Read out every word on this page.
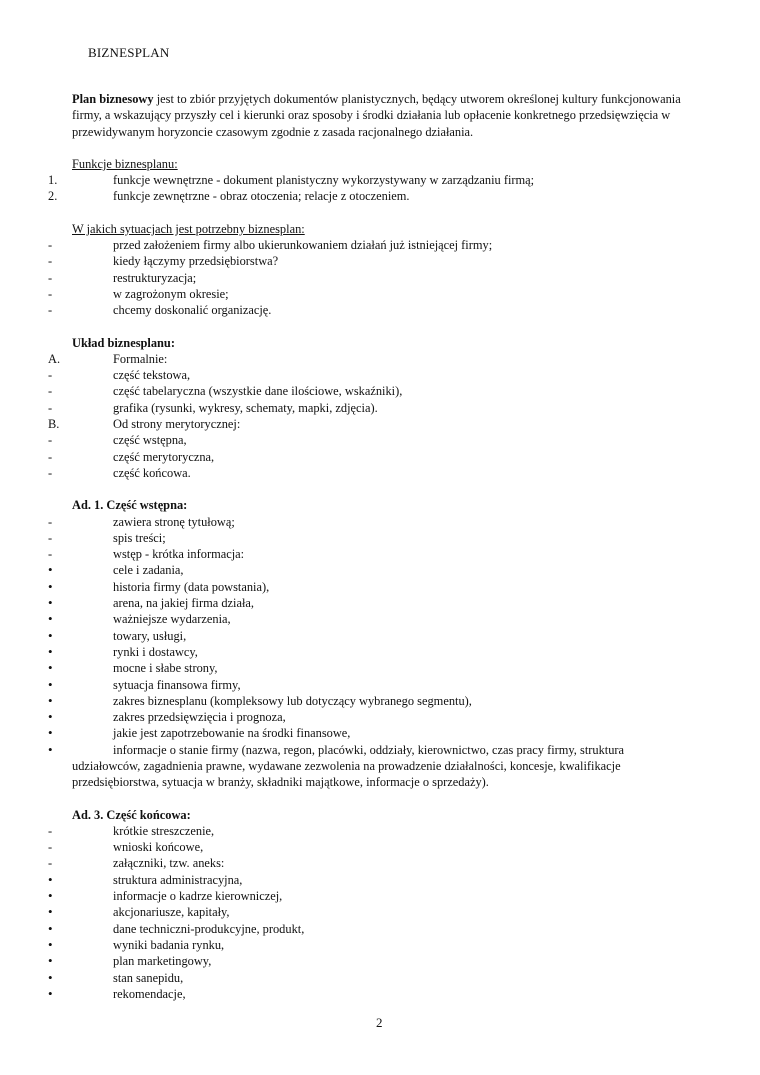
BIZNESPLAN
Plan biznesowy jest to zbiór przyjętych dokumentów planistycznych, będący utworem określonej kultury funkcjonowania firmy, a wskazujący przyszły cel i kierunki oraz sposoby i środki działania lub opłacenie konkretnego przedsięwzięcia w przewidywanym horyzoncie czasowym zgodnie z zasada racjonalnego działania.
Funkcje biznesplanu:
1.	funkcje wewnętrzne - dokument planistyczny wykorzystywany w zarządzaniu firmą;
2.	funkcje zewnętrzne - obraz otoczenia; relacje z otoczeniem.
W jakich sytuacjach jest potrzebny biznesplan:
-	przed założeniem firmy albo ukierunkowaniem działań już istniejącej firmy;
-	kiedy łączymy przedsiębiorstwa?
-	restrukturyzacja;
-	w zagrożonym okresie;
-	chcemy doskonalić organizację.
Układ biznesplanu:
A.	Formalnie:
-	część tekstowa,
-	część tabelaryczna (wszystkie dane ilościowe, wskaźniki),
-	grafika (rysunki, wykresy, schematy, mapki, zdjęcia).
B.	Od strony merytorycznej:
-	część wstępna,
-	część merytoryczna,
-	część końcowa.
Ad. 1. Część wstępna:
-	zawiera stronę tytułową;
-	spis treści;
-	wstęp - krótka informacja:
•	cele i zadania,
•	historia firmy (data powstania),
•	arena, na jakiej firma działa,
•	ważniejsze wydarzenia,
•	towary, usługi,
•	rynki i dostawcy,
•	mocne i słabe strony,
•	sytuacja finansowa firmy,
•	zakres biznesplanu (kompleksowy lub dotyczący wybranego segmentu),
•	zakres przedsięwzięcia i prognoza,
•	jakie jest zapotrzebowanie na środki finansowe,
•	informacje o stanie firmy (nazwa, regon, placówki, oddziały, kierownictwo, czas pracy firmy, struktura
udziałowców, zagadnienia prawne, wydawane zezwolenia na prowadzenie działalności, koncesje, kwalifikacje przedsiębiorstwa, sytuacja w branży, składniki majątkowe, informacje o sprzedaży).
Ad. 3. Część końcowa:
-	krótkie streszczenie,
-	wnioski końcowe,
-	załączniki, tzw. aneks:
•	struktura administracyjna,
•	informacje o kadrze kierowniczej,
•	akcjonariusze, kapitały,
•	dane techniczni-produkcyjne, produkt,
•	wyniki badania rynku,
•	plan marketingowy,
•	stan sanepidu,
•	rekomendacje,
2
